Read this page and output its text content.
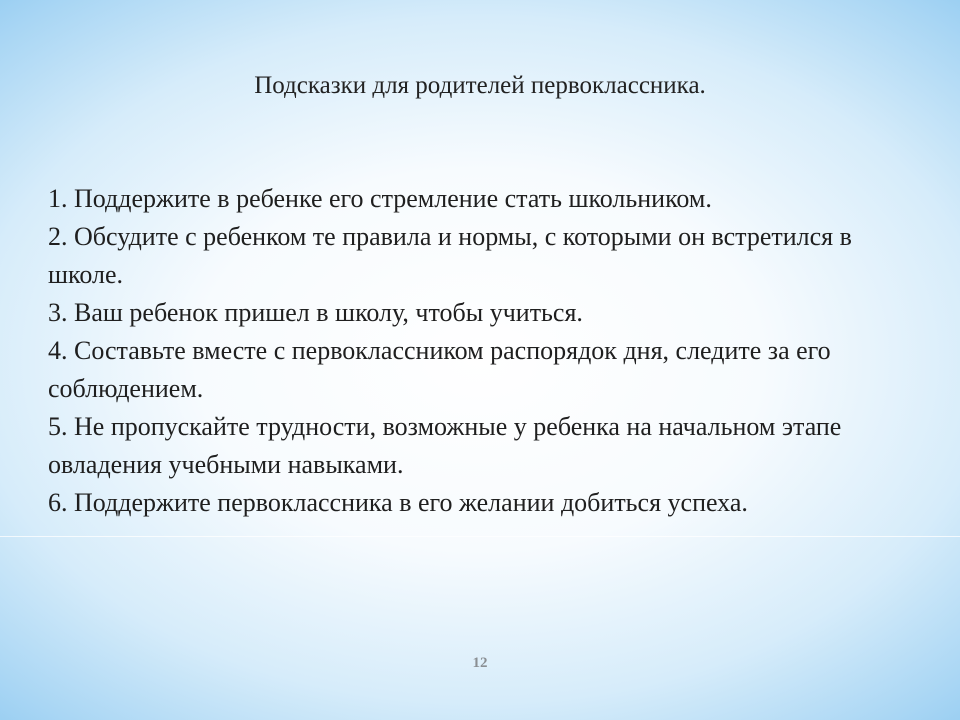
Подсказки для родителей первоклассника.
1. Поддержите в ребенке его стремление стать школьником.
2. Обсудите с ребенком те правила и нормы, с которыми он встретился в школе.
3. Ваш ребенок пришел в школу, чтобы учиться.
4. Составьте вместе с первоклассником распорядок дня, следите за его соблюдением.
5. Не пропускайте трудности, возможные у ребенка на начальном этапе овладения учебными навыками.
6. Поддержите первоклассника в его желании добиться успеха.
12
